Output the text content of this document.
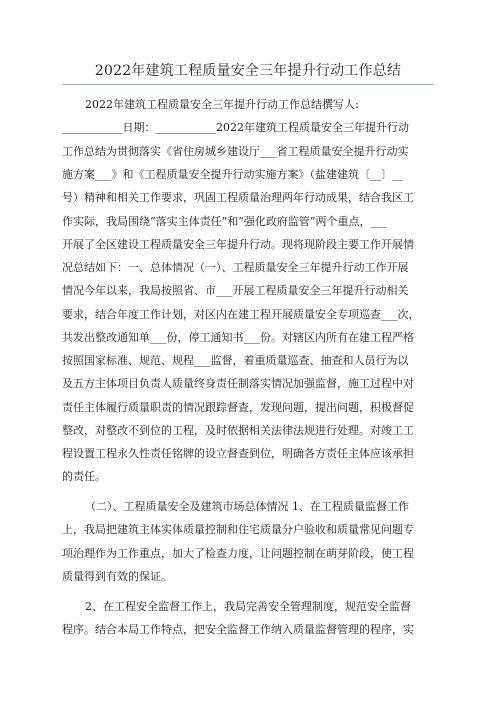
2022年建筑工程质量安全三年提升行动工作总结
2022年建筑工程质量安全三年提升行动工作总结撰写人:
___________日期：___________2022年建筑工程质量安全三年提升行动
工作总结为贯彻落实《省住房城乡建设厅___省工程质量安全提升行动实
施方案___》和《工程质量安全提升行动实施方案》（盐建建筑〔__〕__
号）精神和相关工作要求，巩固工程质量治理两年行动成果，结合我区工
作实际，我局围绕“落实主体责任”和“强化政府监管”两个重点，___
开展了全区建设工程质量安全三年提升行动。现将现阶段主要工作开展情
况总结如下：一、总体情况（一）、工程质量安全三年提升行动工作开展
情况今年以来，我局按照省、市___开展工程质量安全三年提升行动相关
要求，结合年度工作计划，对区内在建工程开展质量安全专项巡查___次，
共发出整改通知单___份，停工通知书___份。对辖区内所有在建工程严格
按照国家标准、规范、规程___监督，着重质量巡查、抽查和人员行为以
及五方主体项目负责人质量终身责任制落实情况加强监督，施工过程中对
责任主体履行质量职责的情况跟踪督查，发现问题，提出问题，积极督促
整改，对整改不到位的工程，及时依据相关法律法规进行处理。对竣工工
程设置工程永久性责任铭牌的设立督查到位，明确各方责任主体应该承担
的责任。
（二）、工程质量安全及建筑市场总体情况 1、在工程质量监督工作
上，我局把建筑主体实体质量控制和住宅质量分户验收和质量常见问题专
项治理作为工作重点，加大了检查力度，让问题控制在萌芽阶段，使工程
质量得到有效的保证。
2、在工程安全监督工作上，我局完善安全管理制度，规范安全监督
程序。结合本局工作特点，把安全监督工作纳入质量监督管理的程序，实
